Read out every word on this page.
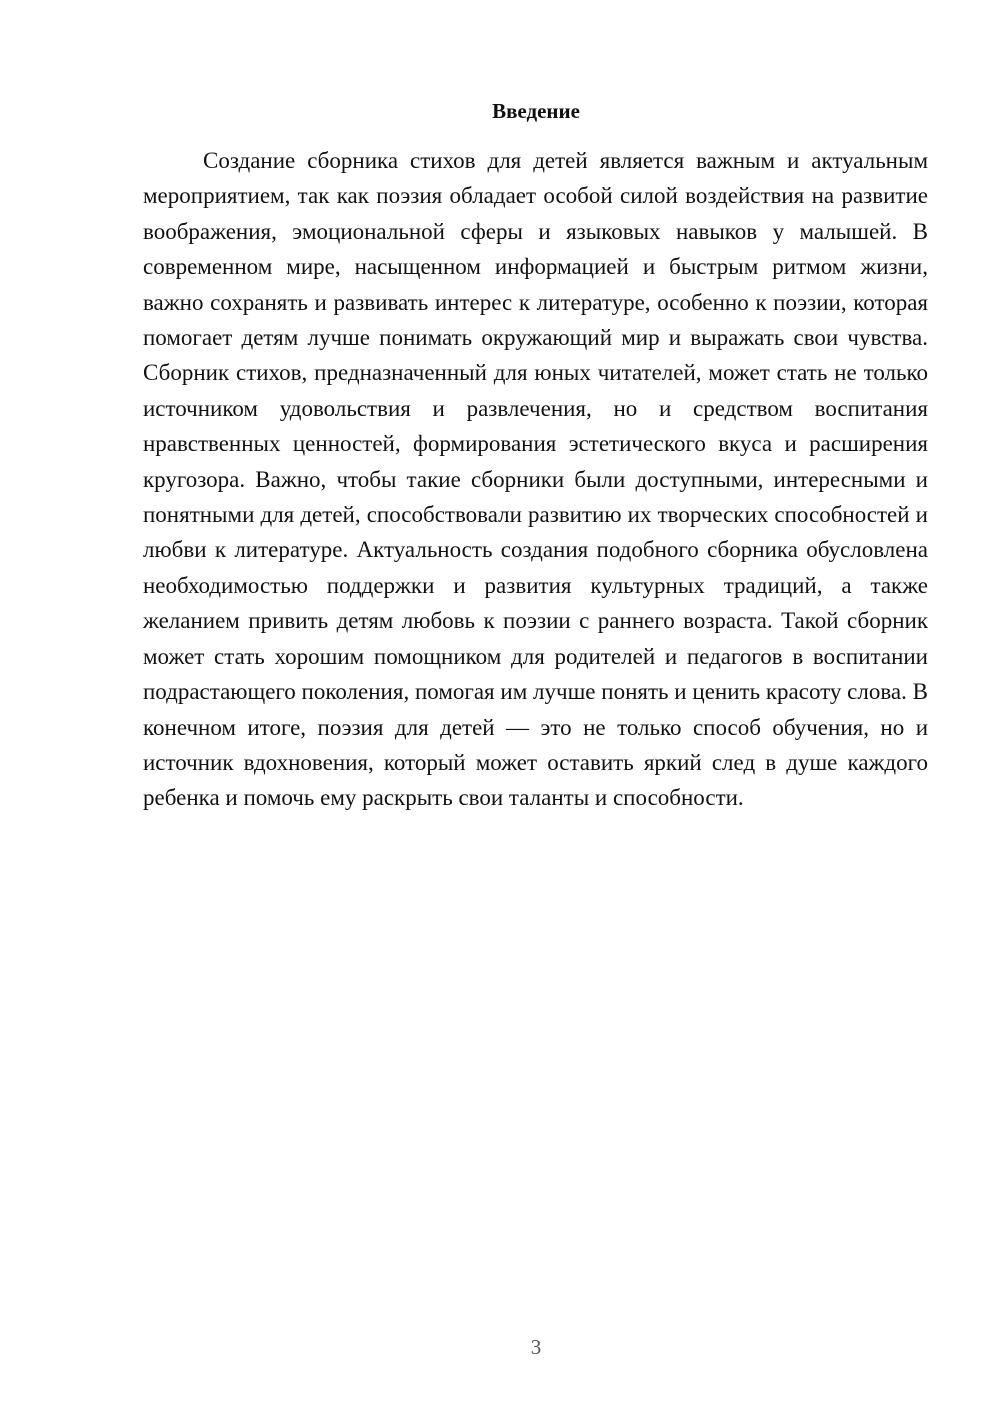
Введение

Создание сборника стихов для детей является важным и актуальным мероприятием, так как поэзия обладает особой силой воздействия на развитие воображения, эмоциональной сферы и языковых навыков у малышей. В современном мире, насыщенном информацией и быстрым ритмом жизни, важно сохранять и развивать интерес к литературе, особенно к поэзии, которая помогает детям лучше понимать окружающий мир и выражать свои чувства. Сборник стихов, предназначенный для юных читателей, может стать не только источником удовольствия и развлечения, но и средством воспитания нравственных ценностей, формирования эстетического вкуса и расширения кругозора. Важно, чтобы такие сборники были доступными, интересными и понятными для детей, способствовали развитию их творческих способностей и любви к литературе. Актуальность создания подобного сборника обусловлена необходимостью поддержки и развития культурных традиций, а также желанием привить детям любовь к поэзии с раннего возраста. Такой сборник может стать хорошим помощником для родителей и педагогов в воспитании подрастающего поколения, помогая им лучше понять и ценить красоту слова. В конечном итоге, поэзия для детей — это не только способ обучения, но и источник вдохновения, который может оставить яркий след в душе каждого ребенка и помочь ему раскрыть свои таланты и способности.

3
